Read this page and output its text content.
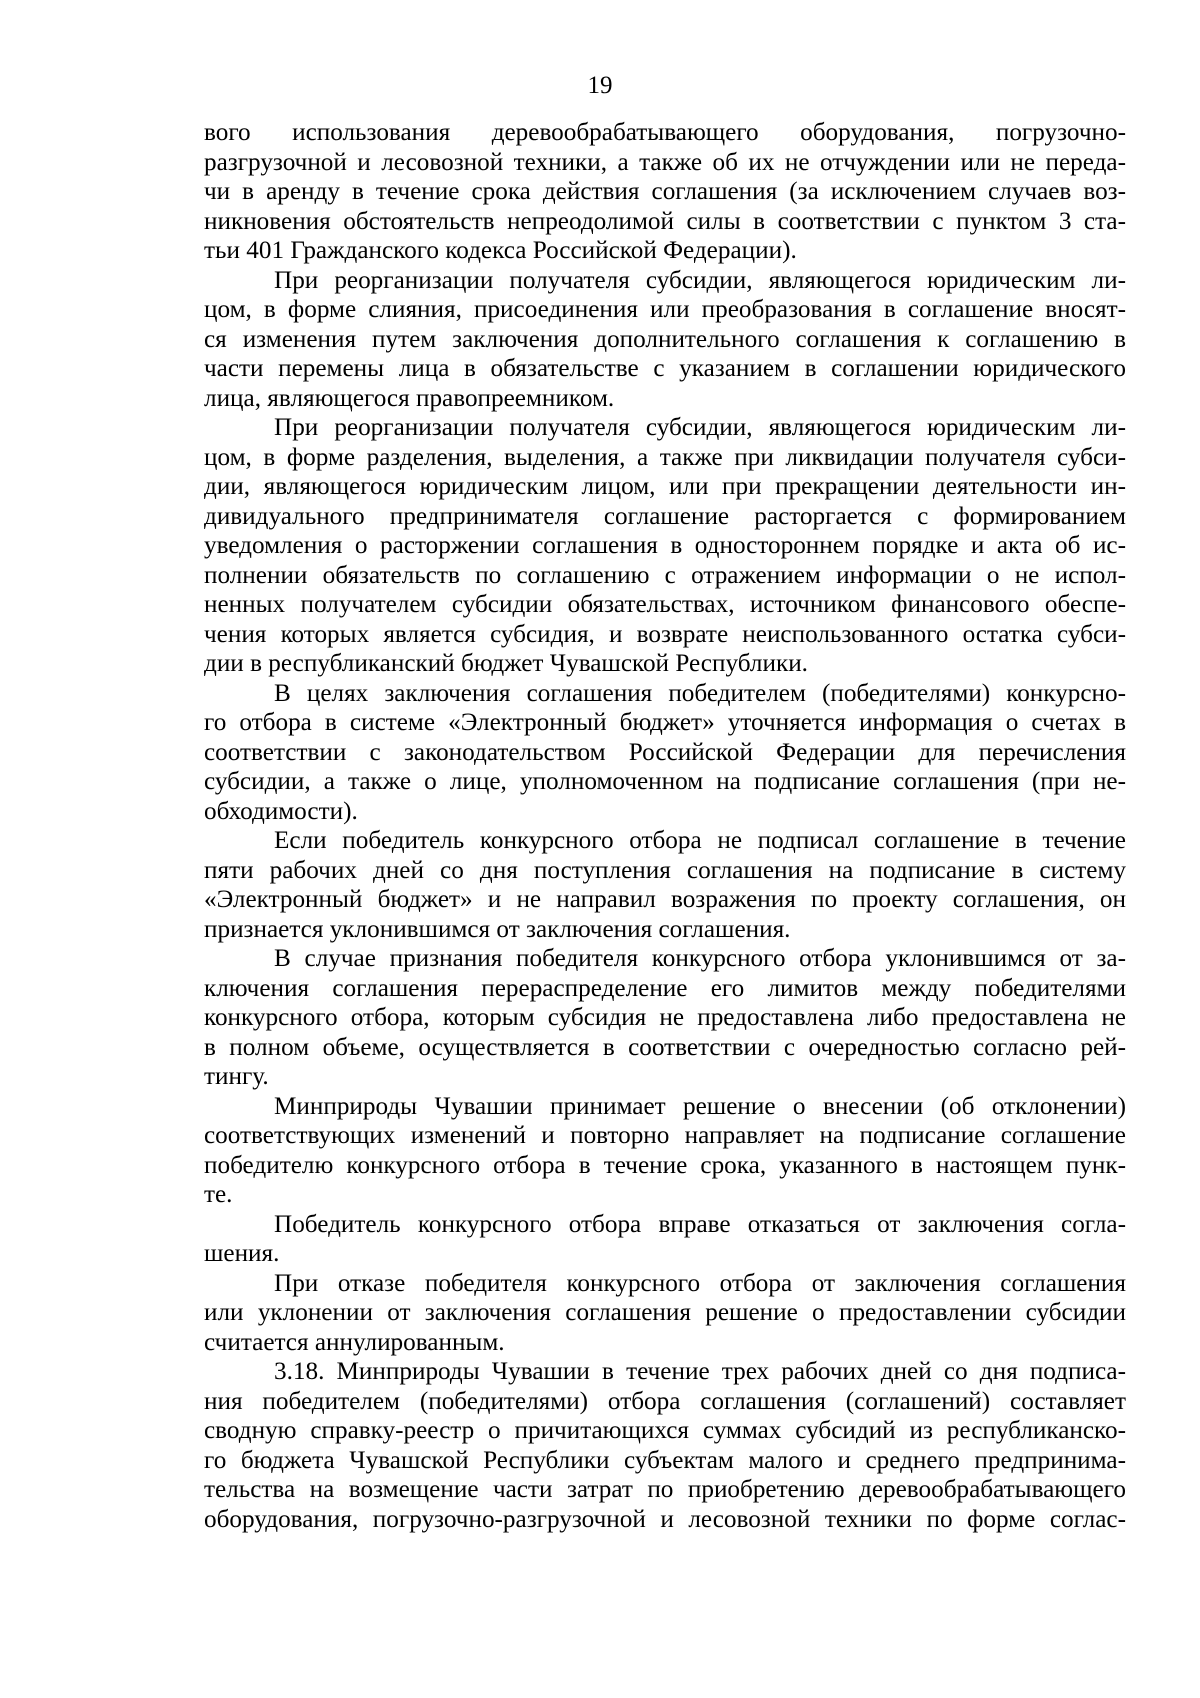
19
вого использования деревообрабатывающего оборудования, погрузочно-
разгрузочной и лесовозной техники, а также об их не отчуждении или не переда-
чи в аренду в течение срока действия соглашения (за исключением случаев воз-
никновения обстоятельств непреодолимой силы в соответствии с пунктом 3 ста-
тьи 401 Гражданского кодекса Российской Федерации).
При реорганизации получателя субсидии, являющегося юридическим ли-
цом, в форме слияния, присоединения или преобразования в соглашение вносят-
ся изменения путем заключения дополнительного соглашения к соглашению в
части перемены лица в обязательстве с указанием в соглашении юридического
лица, являющегося правопреемником.
При реорганизации получателя субсидии, являющегося юридическим ли-
цом, в форме разделения, выделения, а также при ликвидации получателя субси-
дии, являющегося юридическим лицом, или при прекращении деятельности ин-
дивидуального предпринимателя соглашение расторгается с формированием
уведомления о расторжении соглашения в одностороннем порядке и акта об ис-
полнении обязательств по соглашению с отражением информации о не испол-
ненных получателем субсидии обязательствах, источником финансового обеспе-
чения которых является субсидия, и возврате неиспользованного остатка субси-
дии в республиканский бюджет Чувашской Республики.
В целях заключения соглашения победителем (победителями) конкурсно-
го отбора в системе «Электронный бюджет» уточняется информация о счетах в
соответствии с законодательством Российской Федерации для перечисления
субсидии, а также о лице, уполномоченном на подписание соглашения (при не-
обходимости).
Если победитель конкурсного отбора не подписал соглашение в течение
пяти рабочих дней со дня поступления соглашения на подписание в систему
«Электронный бюджет» и не направил возражения по проекту соглашения, он
признается уклонившимся от заключения соглашения.
В случае признания победителя конкурсного отбора уклонившимся от за-
ключения соглашения перераспределение его лимитов между победителями
конкурсного отбора, которым субсидия не предоставлена либо предоставлена не
в полном объеме, осуществляется в соответствии с очередностью согласно рей-
тингу.
Минприроды Чувашии принимает решение о внесении (об отклонении)
соответствующих изменений и повторно направляет на подписание соглашение
победителю конкурсного отбора в течение срока, указанного в настоящем пунк-
те.
Победитель конкурсного отбора вправе отказаться от заключения согла-
шения.
При отказе победителя конкурсного отбора от заключения соглашения
или уклонении от заключения соглашения решение о предоставлении субсидии
считается аннулированным.
3.18. Минприроды Чувашии в течение трех рабочих дней со дня подписа-
ния победителем (победителями) отбора соглашения (соглашений) составляет
сводную справку-реестр о причитающихся суммах субсидий из республиканско-
го бюджета Чувашской Республики субъектам малого и среднего предпринима-
тельства на возмещение части затрат по приобретению деревообрабатывающего
оборудования, погрузочно-разгрузочной и лесовозной техники по форме соглас-
